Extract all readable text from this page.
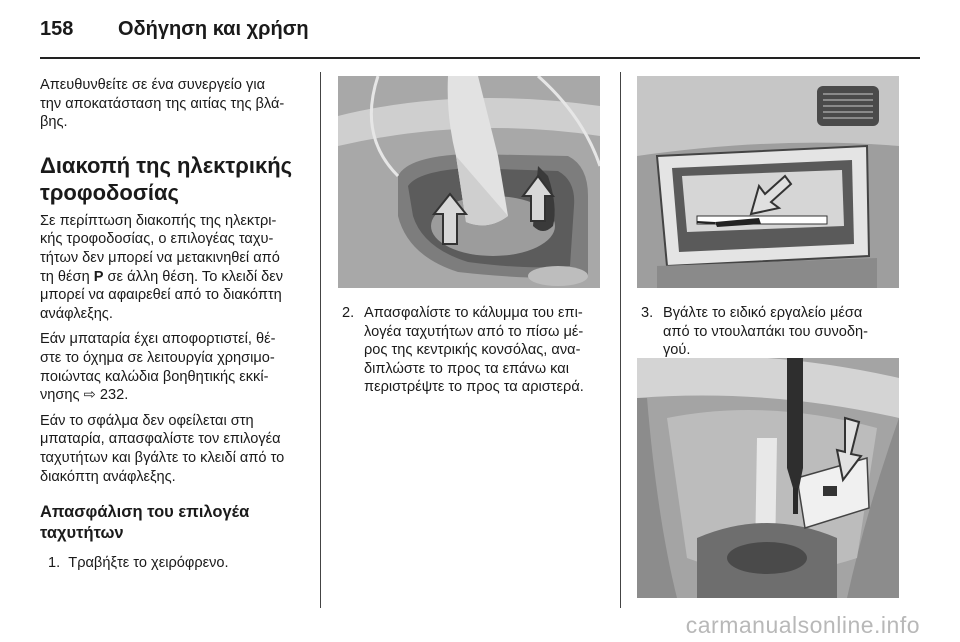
158 Οδήγηση και χρήση

Απευθυνθείτε σε ένα συνεργείο για
την αποκατάσταση της αιτίας της βλά-
βης.

Διακοπή της ηλεκτρικής
τροφοδοσίας

Σε περίπτωση διακοπής της ηλεκτρι-
κής τροφοδοσίας, ο επιλογέας ταχυ-
τήτων δεν μπορεί να μετακινηθεί από
τη θέση P σε άλλη θέση. Το κλειδί δεν
μπορεί να αφαιρεθεί από το διακόπτη
ανάφλεξης.

Εάν μπαταρία έχει αποφορτιστεί, θέ-
στε το όχημα σε λειτουργία χρησιμο-
ποιώντας καλώδια βοηθητικής εκκί-
νησης ⇨ 232.

Εάν το σφάλμα δεν οφείλεται στη
μπαταρία, απασφαλίστε τον επιλογέα
ταχυτήτων και βγάλτε το κλειδί από το
διακόπτη ανάφλεξης.

Απασφάλιση του επιλογέα
ταχυτήτων

1. Τραβήξτε το χειρόφρενο.

2. Απασφαλίστε το κάλυμμα του επι-
λογέα ταχυτήτων από το πίσω μέ-
ρος της κεντρικής κονσόλας, ανα-
διπλώστε το προς τα επάνω και
περιστρέψτε το προς τα αριστερά.
3. Βγάλτε το ειδικό εργαλείο μέσα
από το ντουλαπάκι του συνοδη-
γού.
carmanualsonline.info
